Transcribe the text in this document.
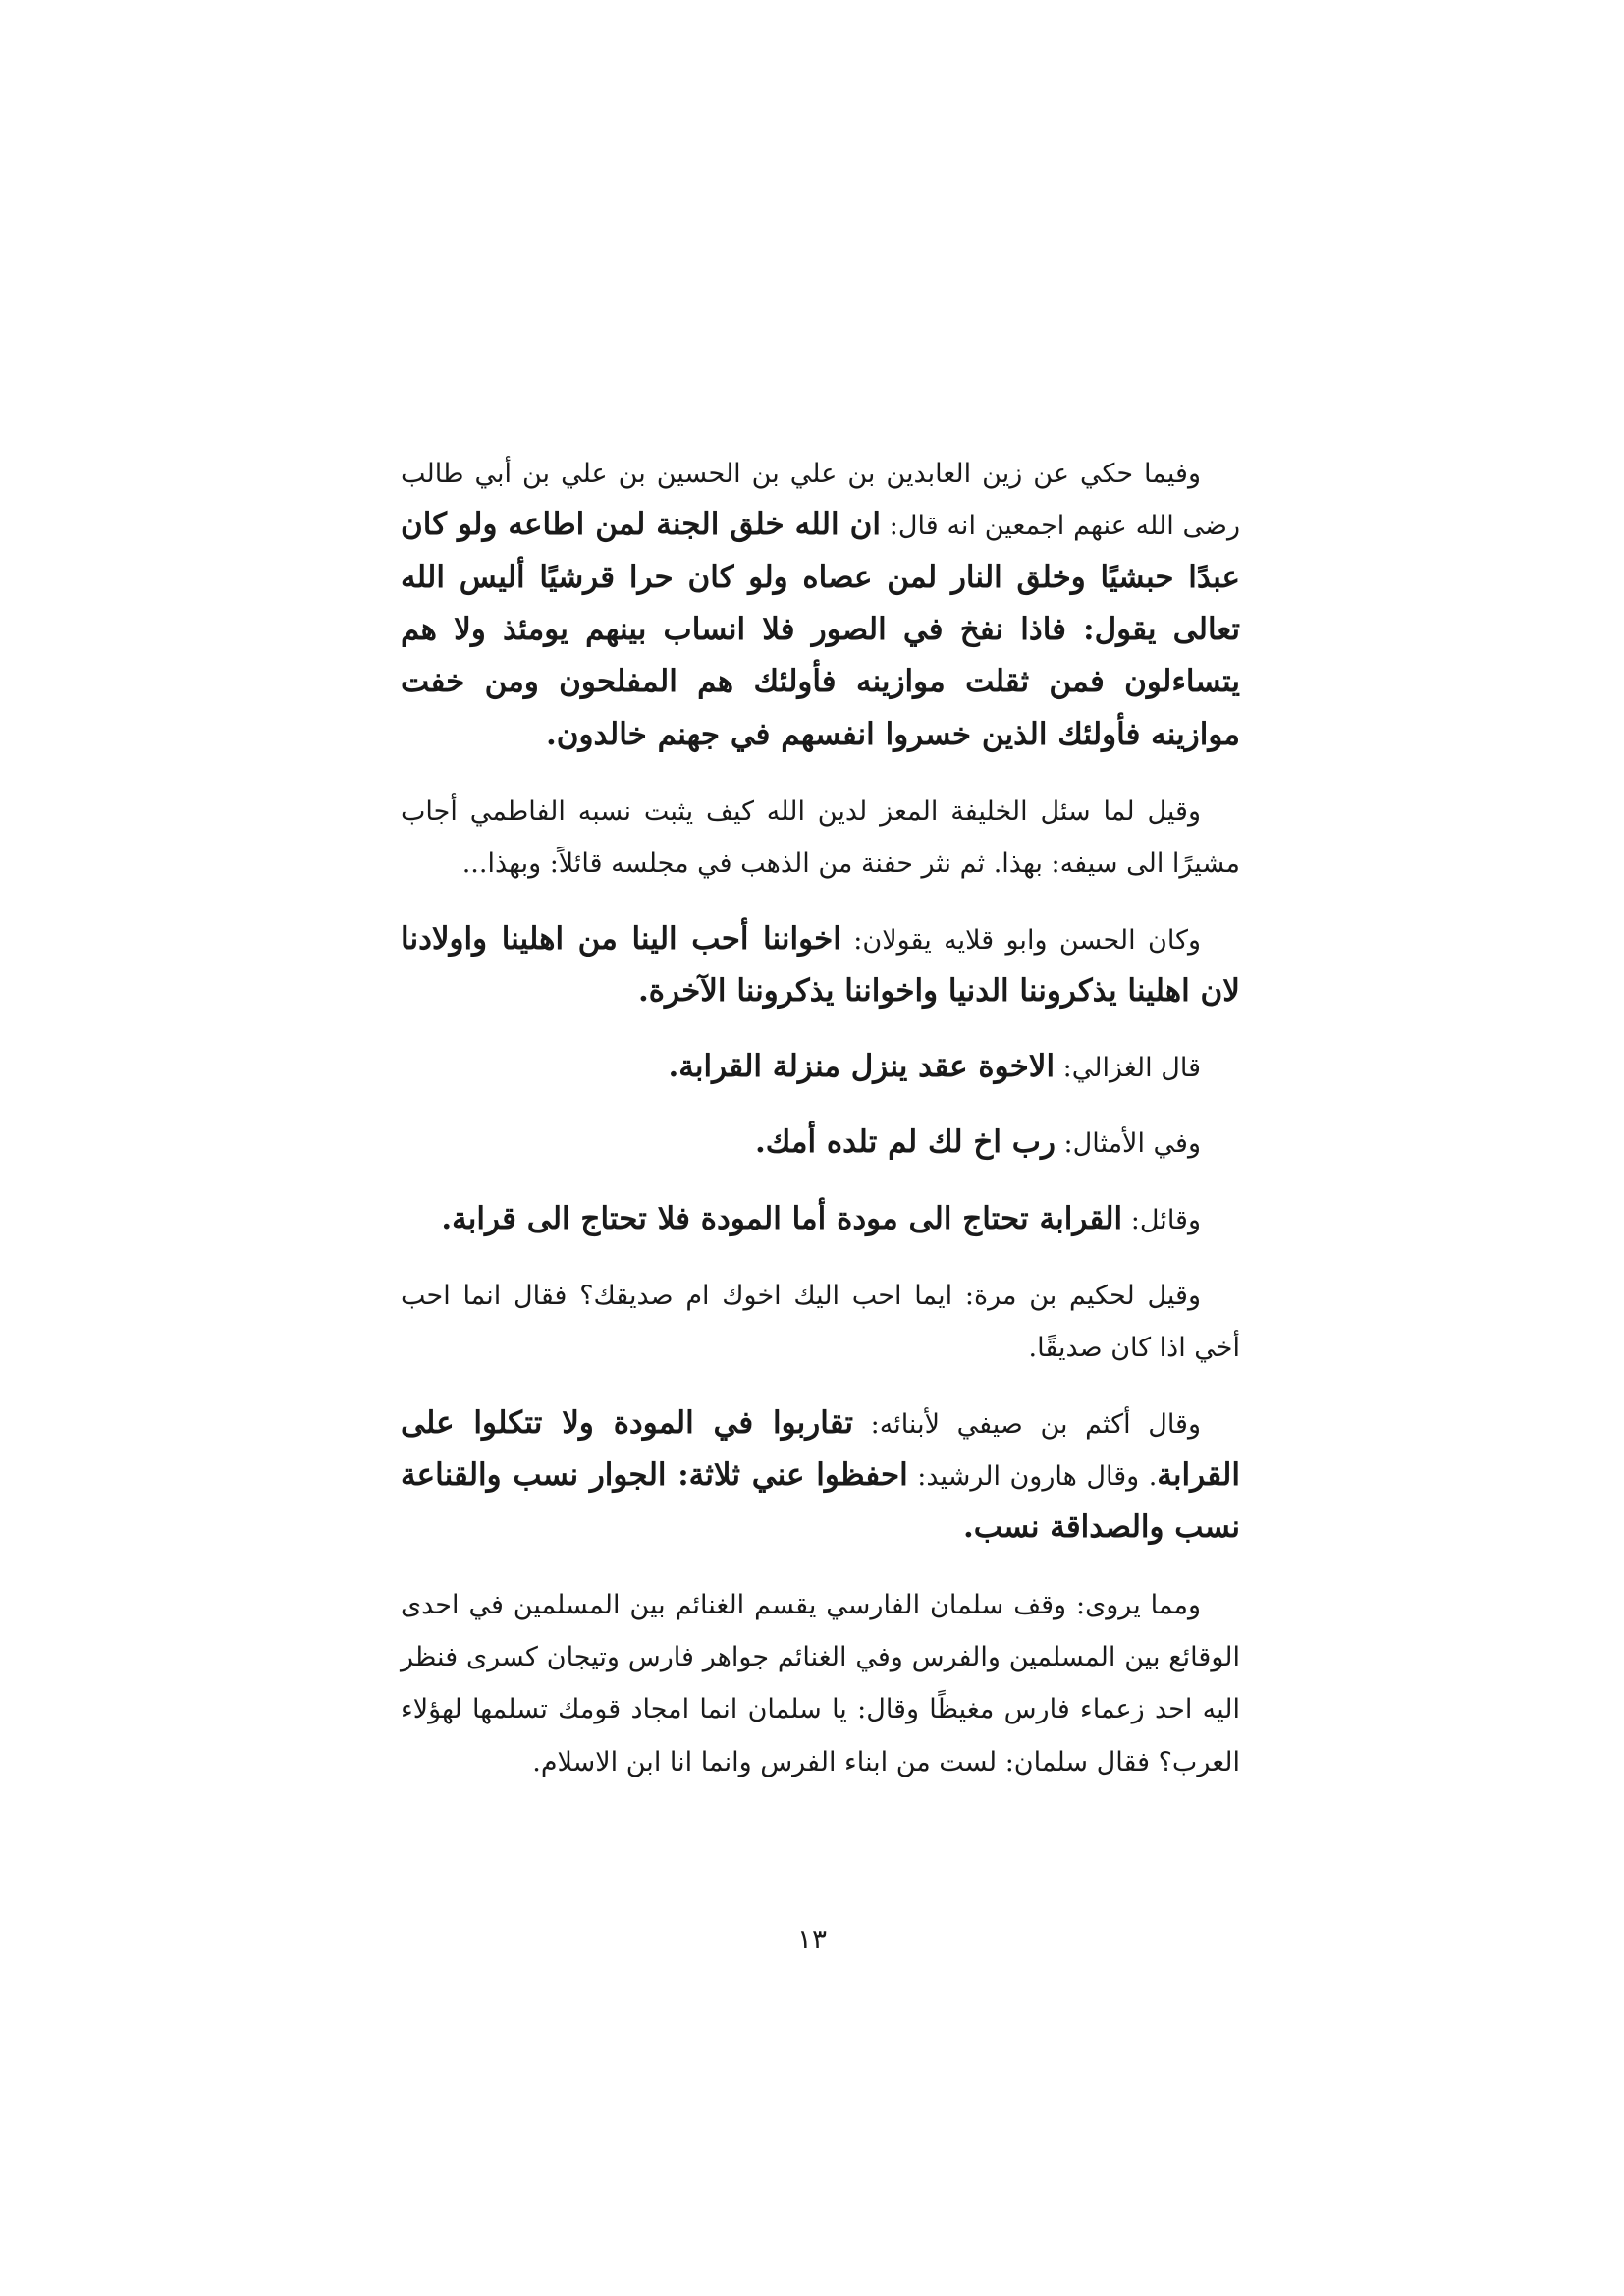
وفيما حكي عن زين العابدين بن علي بن الحسين بن علي بن أبي طالب رضى الله عنهم اجمعين انه قال: ان الله خلق الجنة لمن اطاعه ولو كان عبدًا حبشيًا وخلق النار لمن عصاه ولو كان حرا قرشيًا أليس الله تعالى يقول: فاذا نفخ في الصور فلا انساب بينهم يومئذ ولا هم يتساءلون فمن ثقلت موازينه فأولئك هم المفلحون ومن خفت موازينه فأولئك الذين خسروا انفسهم في جهنم خالدون.

وقيل لما سئل الخليفة المعز لدين الله كيف يثبت نسبه الفاطمي أجاب مشيرًا الى سيفه: بهذا. ثم نثر حفنة من الذهب في مجلسه قائلاً: وبهذا...

وكان الحسن وابو قلايه يقولان: اخواننا أحب الينا من اهلينا واولادنا لان اهلينا يذكروننا الدنيا واخواننا يذكروننا الآخرة.

قال الغزالي: الاخوة عقد ينزل منزلة القرابة.

وفي الأمثال: رب اخ لك لم تلده أمك.

وقائل: القرابة تحتاج الى مودة أما المودة فلا تحتاج الى قرابة.

وقيل لحكيم بن مرة: ايما احب اليك اخوك ام صديقك؟ فقال انما احب أخي اذا كان صديقًا.

وقال أكثم بن صيفي لأبنائه: تقاربوا في المودة ولا تتكلوا على القرابة. وقال هارون الرشيد: احفظوا عني ثلاثة: الجوار نسب والقناعة نسب والصداقة نسب.

ومما يروى: وقف سلمان الفارسي يقسم الغنائم بين المسلمين في احدى الوقائع بين المسلمين والفرس وفي الغنائم جواهر فارس وتيجان كسرى فنظر اليه احد زعماء فارس مغيظًا وقال: يا سلمان انما امجاد قومك تسلمها لهؤلاء العرب؟ فقال سلمان: لست من ابناء الفرس وانما انا ابن الاسلام.

١٣
